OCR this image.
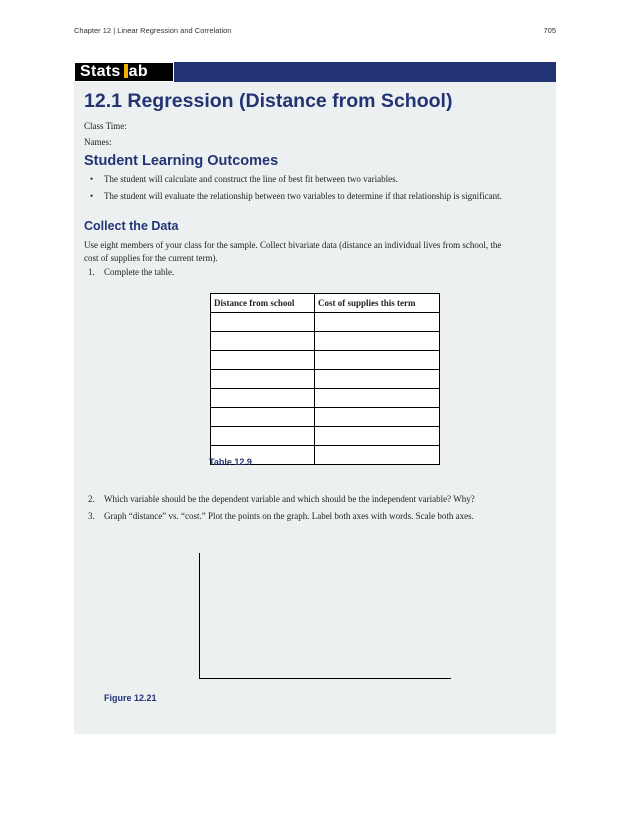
Chapter 12 | Linear Regression and Correlation	705
Stats ab
12.1 Regression (Distance from School)
Class Time:
Names:
Student Learning Outcomes
• The student will calculate and construct the line of best fit between two variables.
• The student will evaluate the relationship between two variables to determine if that relationship is significant.
Collect the Data
Use eight members of your class for the sample. Collect bivariate data (distance an individual lives from school, the
cost of supplies for the current term).
1. Complete the table.
Distance from school	Cost of supplies this term

Table 12.9
2. Which variable should be the dependent variable and which should be the independent variable? Why?
3. Graph “distance” vs. “cost.” Plot the points on the graph. Label both axes with words. Scale both axes.
Figure 12.21
